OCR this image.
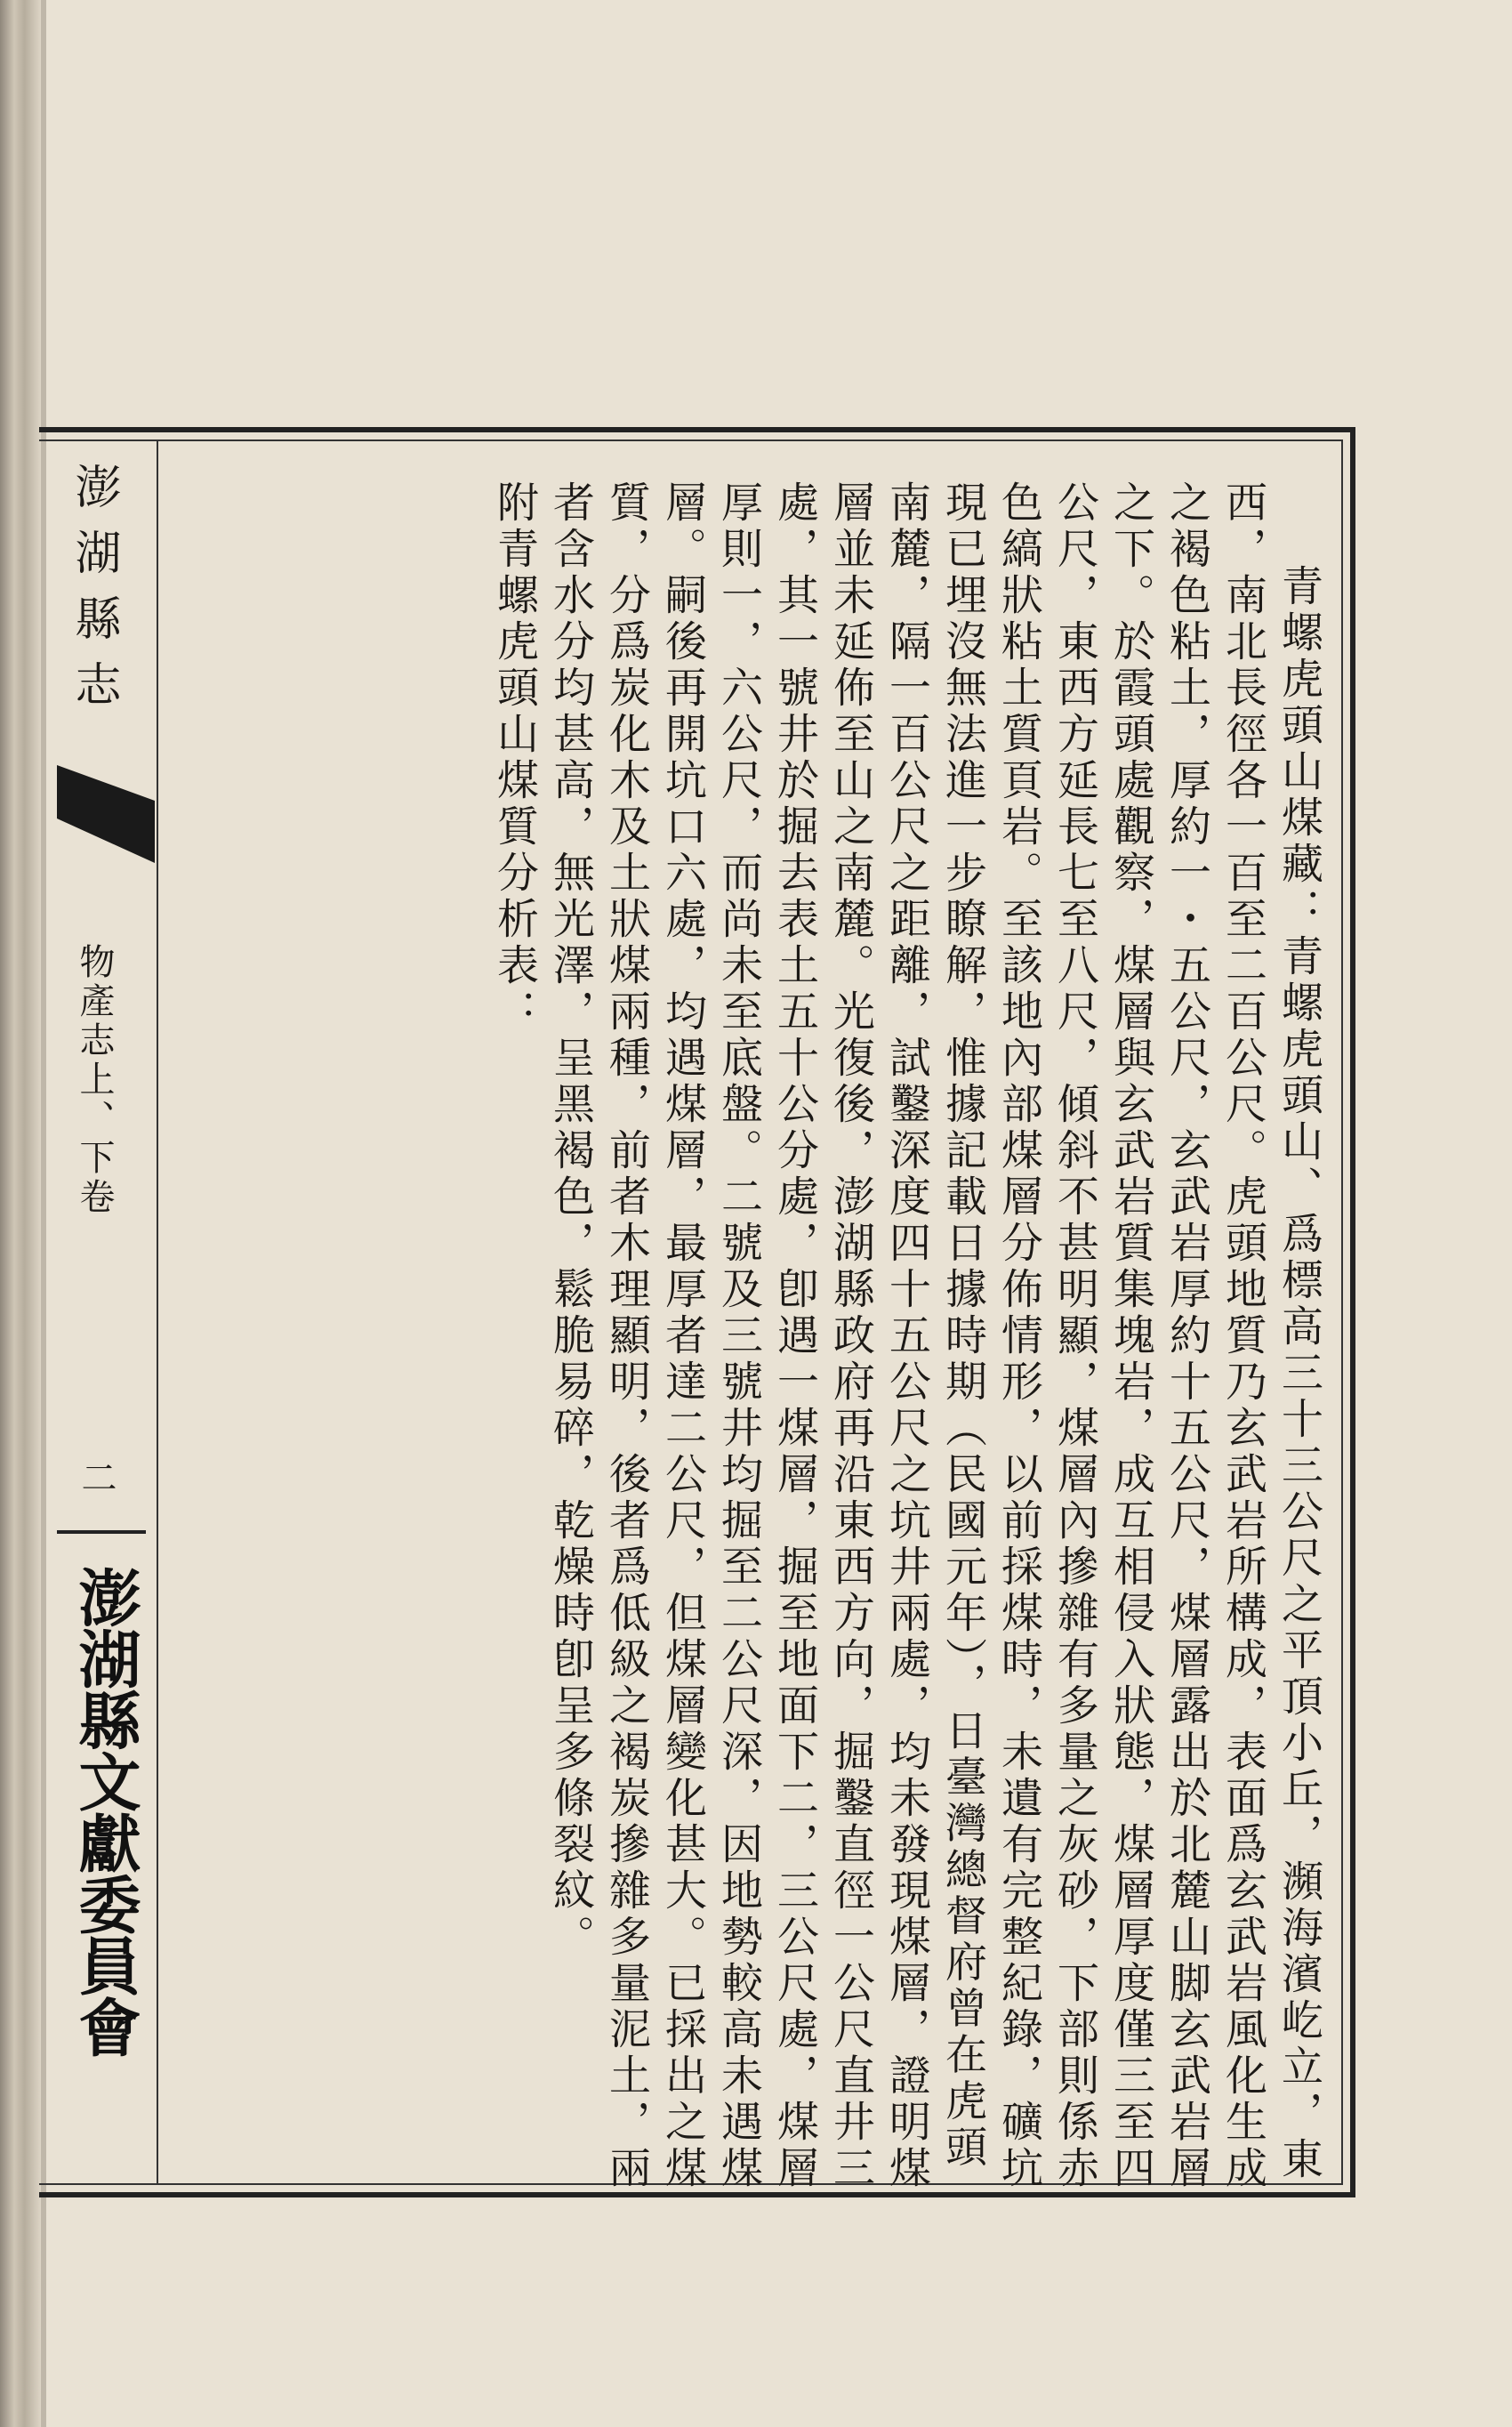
澎湖縣志
物產志上、下卷
二
澎湖縣文獻委員會	青螺虎頭山煤藏：青螺虎頭山、爲標高三十三公尺之平頂小丘，瀕海濱屹立，東
西，南北長徑各一百至二百公尺。虎頭地質乃玄武岩所構成，表面爲玄武岩風化生成
之褐色粘土，厚約一・五公尺，玄武岩厚約十五公尺，煤層露出於北麓山脚玄武岩層
之下。於霞頭處觀察，煤層與玄武岩質集塊岩，成互相侵入狀態，煤層厚度僅三至四
公尺，東西方延長七至八尺，傾斜不甚明顯，煤層內摻雜有多量之灰砂，下部則係赤
色縞狀粘土質頁岩。至該地內部煤層分佈情形，以前採煤時，未遺有完整紀錄，礦坑
現已埋沒無法進一步瞭解，惟據記載日據時期（民國元年），日臺灣總督府曾在虎頭
南麓，隔一百公尺之距離，試鑿深度四十五公尺之坑井兩處，均未發現煤層，證明煤
層並未延佈至山之南麓。光復後，澎湖縣政府再沿東西方向，掘鑿直徑一公尺直井三
處，其一號井於掘去表土五十公分處，卽遇一煤層，掘至地面下二，三公尺處，煤層
厚則一，六公尺，而尚未至底盤。二號及三號井均掘至二公尺深，因地勢較高未遇煤
層。嗣後再開坑口六處，均遇煤層，最厚者達二公尺，但煤層變化甚大。已採出之煤
質，分爲炭化木及土狀煤兩種，前者木理顯明，後者爲低級之褐炭摻雜多量泥土，兩
者含水分均甚高，無光澤，呈黑褐色，鬆脆易碎，乾燥時卽呈多條裂紋。
附青螺虎頭山煤質分析表：
